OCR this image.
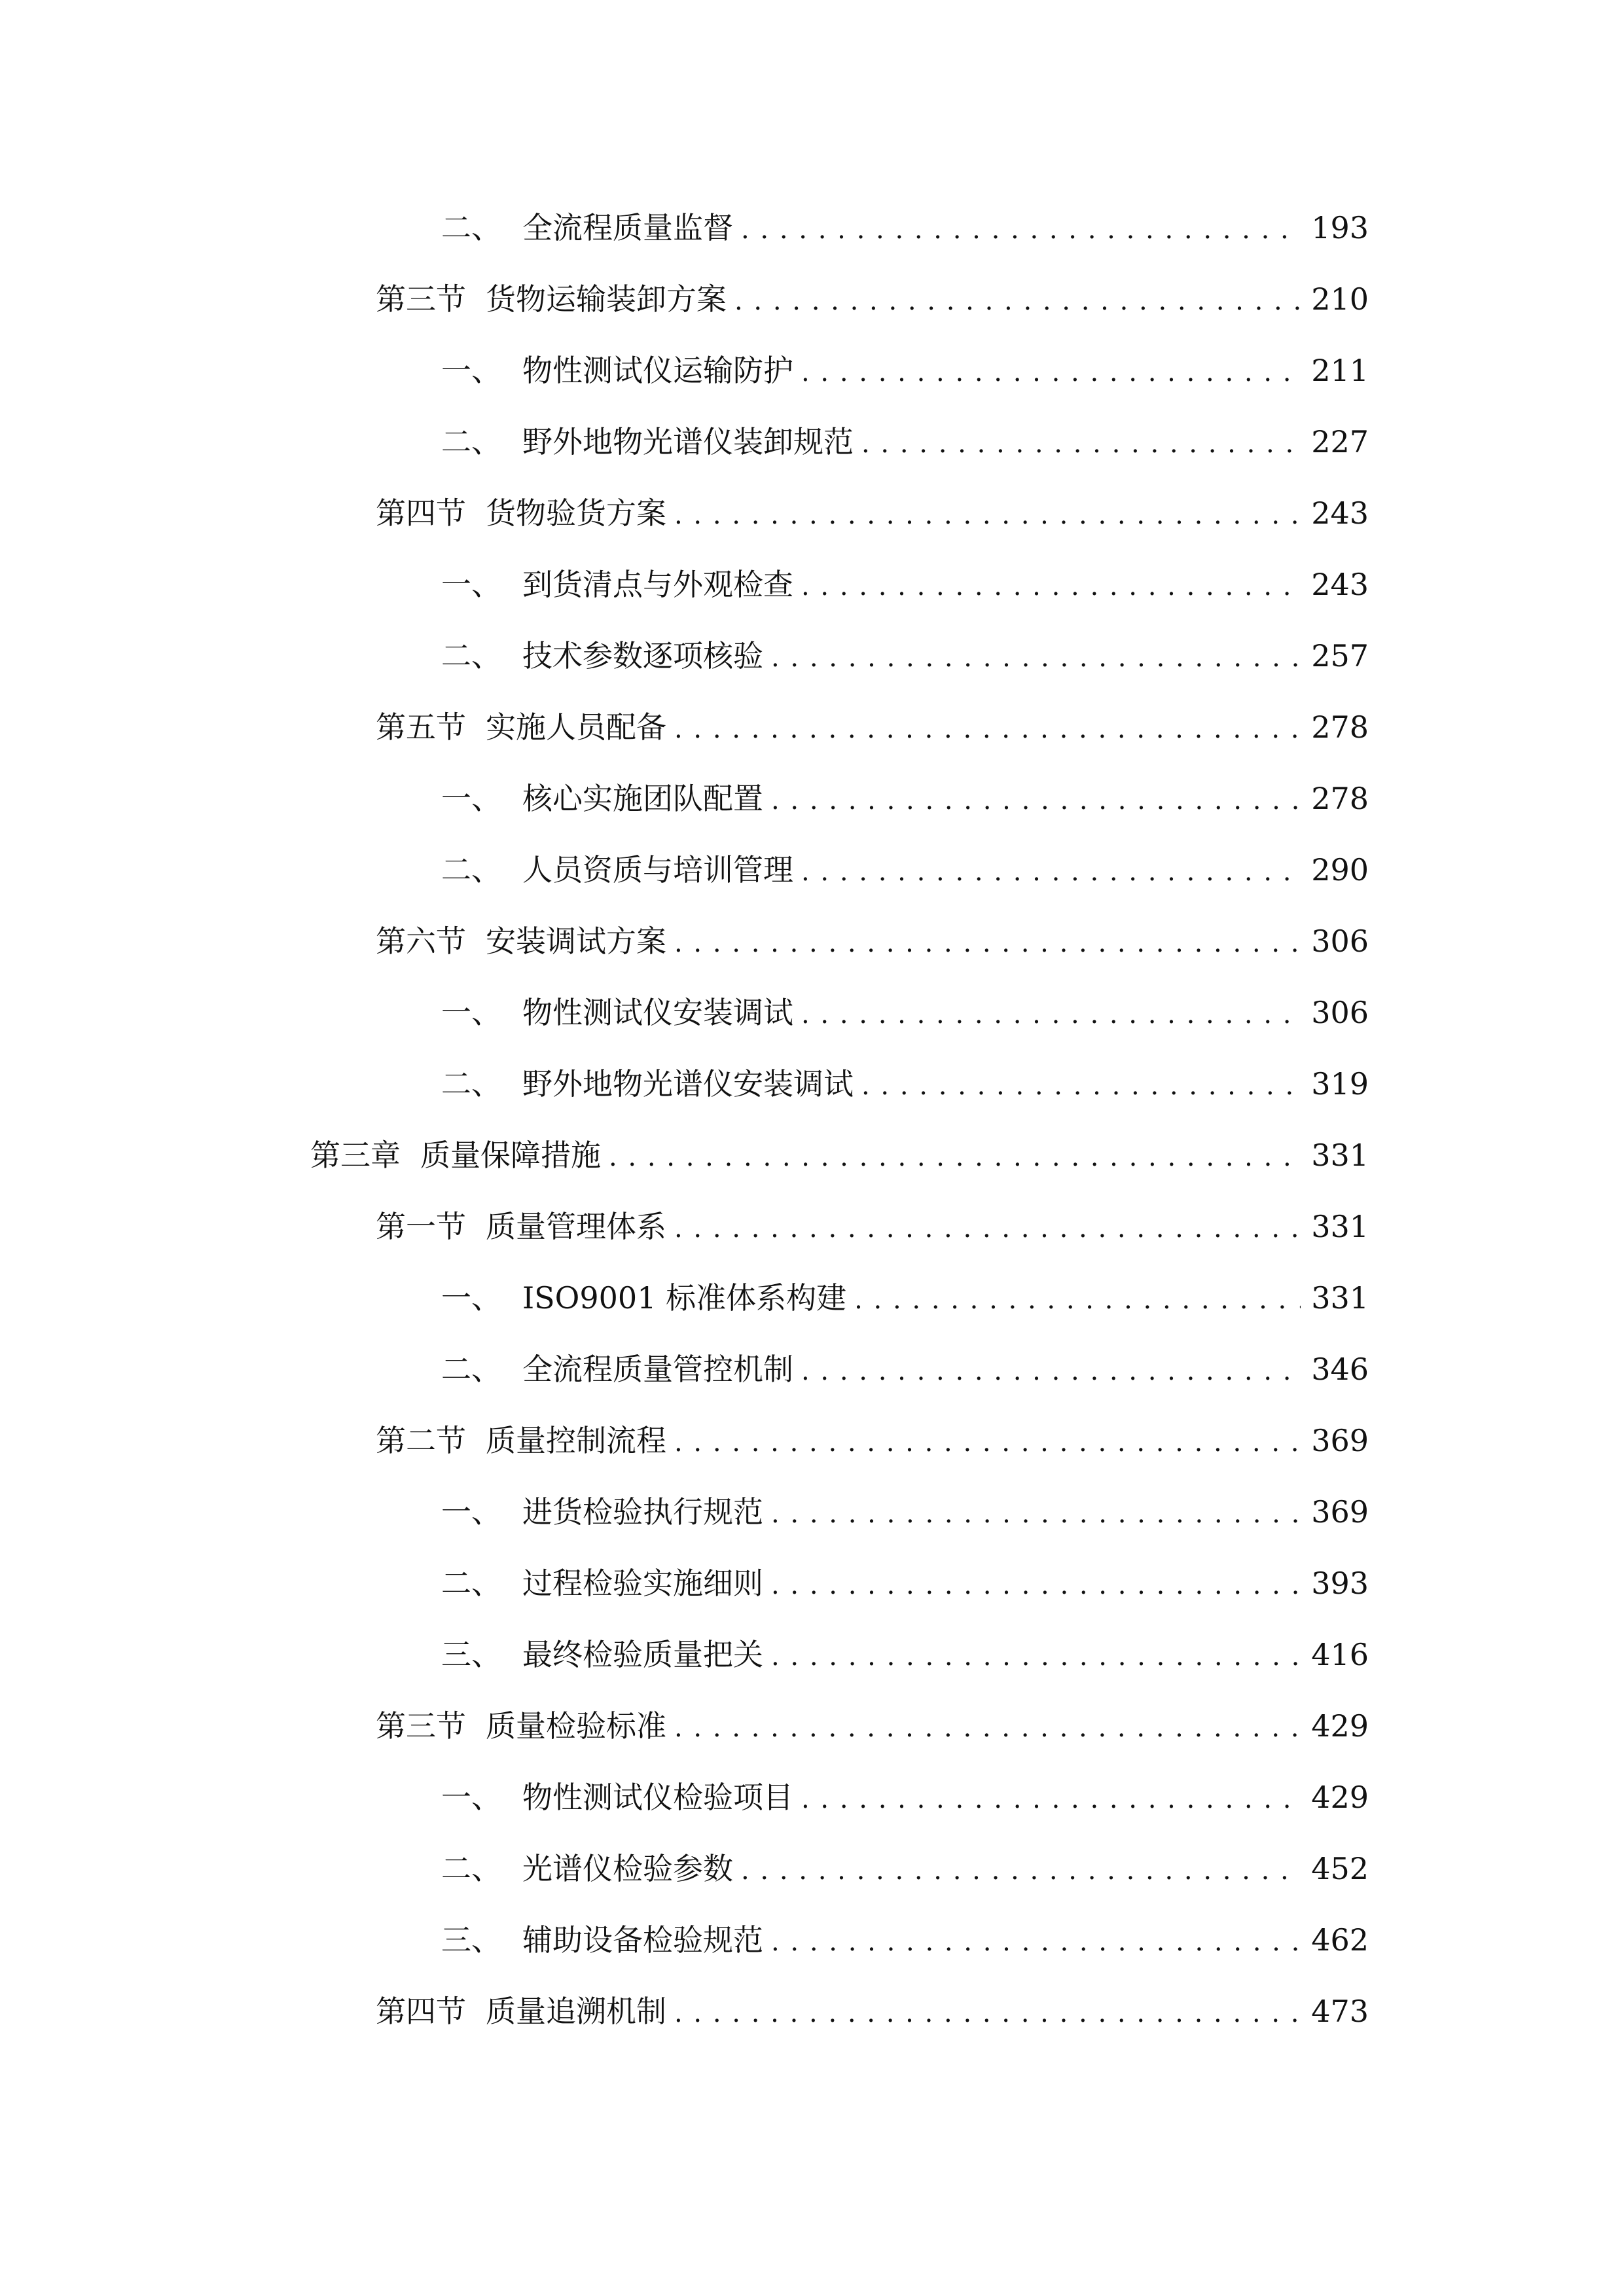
二、 全流程质量监督 . . .	193
第三节 货物运输装卸方案 . . .	210
一、 物性测试仪运输防护 . . .	211
二、 野外地物光谱仪装卸规范 . . .	227
第四节 货物验货方案 . . .	243
一、 到货清点与外观检查 . . .	243
二、 技术参数逐项核验 . . .	257
第五节 实施人员配备 . . .	278
一、 核心实施团队配置 . . .	278
二、 人员资质与培训管理 . . .	290
第六节 安装调试方案 . . .	306
一、 物性测试仪安装调试 . . .	306
二、 野外地物光谱仪安装调试 . . .	319
第三章 质量保障措施 . . .	331
第一节 质量管理体系 . . .	331
一、 ISO9001 标准体系构建 . . .	331
二、 全流程质量管控机制 . . .	346
第二节 质量控制流程 . . .	369
一、 进货检验执行规范 . . .	369
二、 过程检验实施细则 . . .	393
三、 最终检验质量把关 . . .	416
第三节 质量检验标准 . . .	429
一、 物性测试仪检验项目 . . .	429
二、 光谱仪检验参数 . . .	452
三、 辅助设备检验规范 . . .	462
第四节 质量追溯机制 . . .	473
